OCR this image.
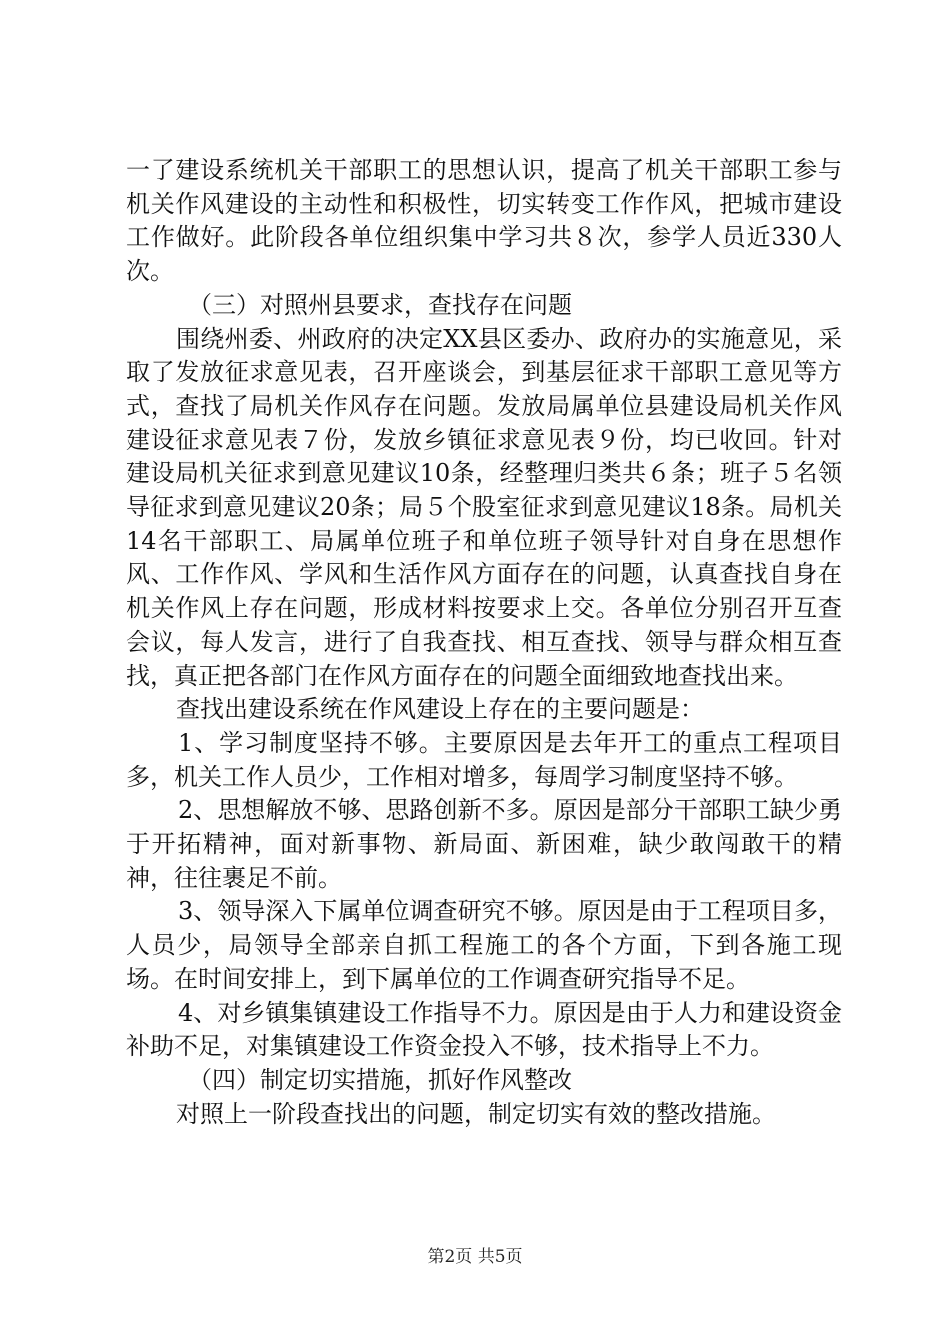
一了建设系统机关干部职工的思想认识，提高了机关干部职工参与机关作风建设的主动性和积极性，切实转变工作作风，把城市建设工作做好。此阶段各单位组织集中学习共８次，参学人员近330人次。

（三）对照州县要求，查找存在问题

围绕州委、州政府的决定XX县区委办、政府办的实施意见，采取了发放征求意见表，召开座谈会，到基层征求干部职工意见等方式，查找了局机关作风存在问题。发放局属单位县建设局机关作风建设征求意见表７份，发放乡镇征求意见表９份，均已收回。针对建设局机关征求到意见建议10条，经整理归类共６条；班子５名领导征求到意见建议20条；局５个股室征求到意见建议18条。局机关14名干部职工、局属单位班子和单位班子领导针对自身在思想作风、工作作风、学风和生活作风方面存在的问题，认真查找自身在机关作风上存在问题，形成材料按要求上交。各单位分别召开互查会议，每人发言，进行了自我查找、相互查找、领导与群众相互查找，真正把各部门在作风方面存在的问题全面细致地查找出来。

查找出建设系统在作风建设上存在的主要问题是：

1、学习制度坚持不够。主要原因是去年开工的重点工程项目多，机关工作人员少，工作相对增多，每周学习制度坚持不够。

2、思想解放不够、思路创新不多。原因是部分干部职工缺少勇于开拓精神，面对新事物、新局面、新困难，缺少敢闯敢干的精神，往往裹足不前。

3、领导深入下属单位调查研究不够。原因是由于工程项目多，人员少，局领导全部亲自抓工程施工的各个方面，下到各施工现场。在时间安排上，到下属单位的工作调查研究指导不足。

4、对乡镇集镇建设工作指导不力。原因是由于人力和建设资金补助不足，对集镇建设工作资金投入不够，技术指导上不力。

（四）制定切实措施，抓好作风整改

对照上一阶段查找出的问题，制定切实有效的整改措施。

第2页 共5页
